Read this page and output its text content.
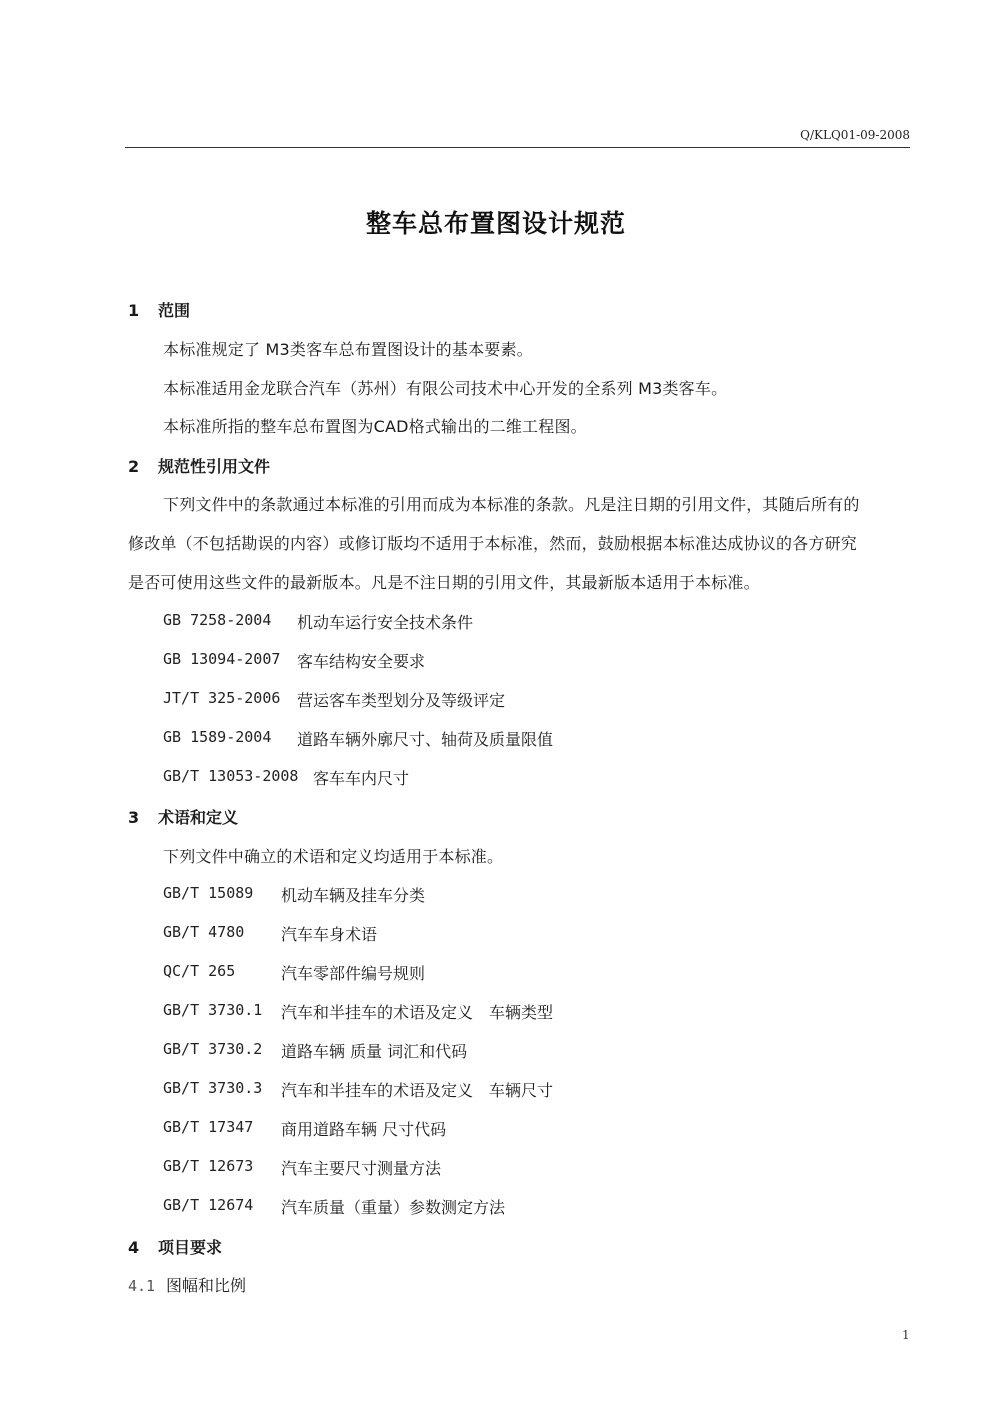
Q/KLQ01-09-2008
整车总布置图设计规范
1 范围
本标准规定了 M3类客车总布置图设计的基本要素。
本标准适用金龙联合汽车（苏州）有限公司技术中心开发的全系列 M3类客车。
本标准所指的整车总布置图为CAD格式输出的二维工程图。
2 规范性引用文件
下列文件中的条款通过本标准的引用而成为本标准的条款。凡是注日期的引用文件，其随后所有的
修改单（不包括勘误的内容）或修订版均不适用于本标准，然而，鼓励根据本标准达成协议的各方研究
是否可使用这些文件的最新版本。凡是不注日期的引用文件，其最新版本适用于本标准。
GB 7258-2004 机动车运行安全技术条件
GB 13094-2007 客车结构安全要求
JT/T 325-2006 营运客车类型划分及等级评定
GB 1589-2004 道路车辆外廓尺寸、轴荷及质量限值
GB/T 13053-2008 客车车内尺寸
3 术语和定义
下列文件中确立的术语和定义均适用于本标准。
GB/T 15089 机动车辆及挂车分类
GB/T 4780 汽车车身术语
QC/T 265	汽车零部件编号规则
GB/T 3730.1 汽车和半挂车的术语及定义　车辆类型
GB/T 3730.2 道路车辆 质量 词汇和代码
GB/T 3730.3 汽车和半挂车的术语及定义　车辆尺寸
GB/T 17347 商用道路车辆 尺寸代码
GB/T 12673 汽车主要尺寸测量方法
GB/T 12674 汽车质量（重量）参数测定方法
4 项目要求
4.1 图幅和比例
1
